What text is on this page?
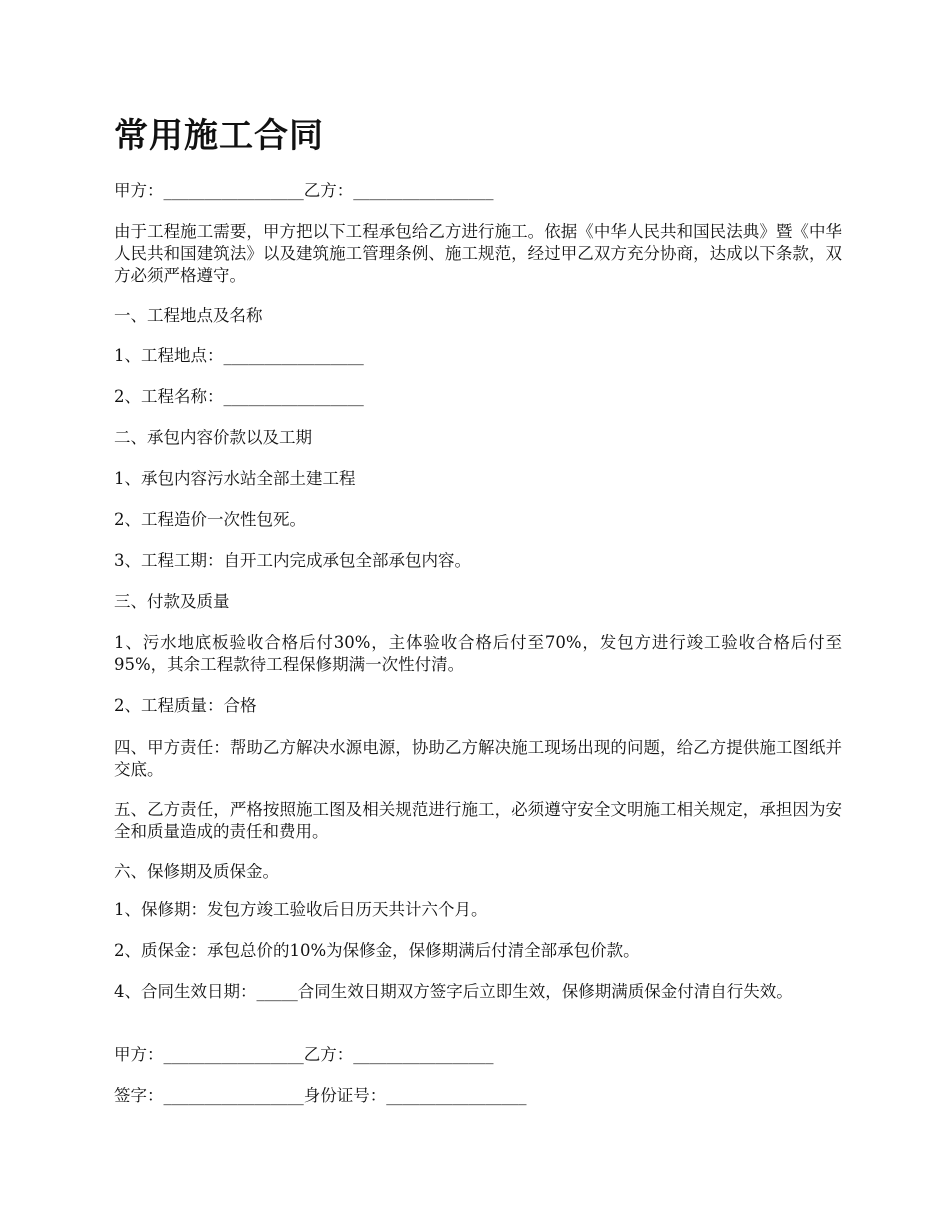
常用施工合同

甲方：_________________乙方：_________________

由于工程施工需要，甲方把以下工程承包给乙方进行施工。依据《中华人民共和国民法典》暨《中华人民共和国建筑法》以及建筑施工管理条例、施工规范，经过甲乙双方充分协商，达成以下条款，双方必须严格遵守。

一、工程地点及名称

1、工程地点：_________________

2、工程名称：_________________

二、承包内容价款以及工期

1、承包内容污水站全部土建工程

2、工程造价一次性包死。

3、工程工期：自开工内完成承包全部承包内容。

三、付款及质量

1、污水地底板验收合格后付30%，主体验收合格后付至70%，发包方进行竣工验收合格后付至95%，其余工程款待工程保修期满一次性付清。

2、工程质量：合格

四、甲方责任：帮助乙方解决水源电源，协助乙方解决施工现场出现的问题，给乙方提供施工图纸并交底。

五、乙方责任，严格按照施工图及相关规范进行施工，必须遵守安全文明施工相关规定，承担因为安全和质量造成的责任和费用。

六、保修期及质保金。

1、保修期：发包方竣工验收后日历天共计六个月。

2、质保金：承包总价的10%为保修金，保修期满后付清全部承包价款。

4、合同生效日期：_____合同生效日期双方签字后立即生效，保修期满质保金付清自行失效。

甲方：_________________乙方：_________________

签字：_________________身份证号：_________________
